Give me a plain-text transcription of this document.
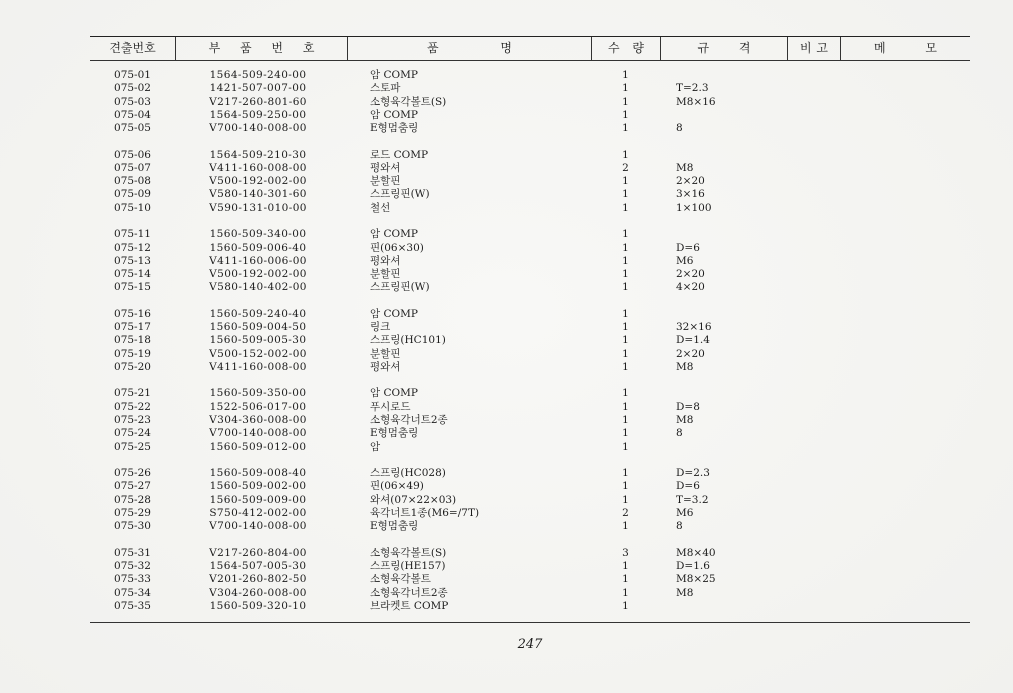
견출번호	부 품 번 호	품 명	수 량	규 격	비 고	메 모
075-01	1564-509-240-00	암 COMP	1
075-02	1421-507-007-00	스토파	1	T=2.3
075-03	V217-260-801-60	소형육각볼트(S)	1	M8×16
075-04	1564-509-250-00	암 COMP	1
075-05	V700-140-008-00	E형멈춤링	1	8
075-06	1564-509-210-30	로드 COMP	1
075-07	V411-160-008-00	평와셔	2	M8
075-08	V500-192-002-00	분할핀	1	2×20
075-09	V580-140-301-60	스프링핀(W)	1	3×16
075-10	V590-131-010-00	철선	1	1×100
075-11	1560-509-340-00	암 COMP	1
075-12	1560-509-006-40	핀(06×30)	1	D=6
075-13	V411-160-006-00	평와셔	1	M6
075-14	V500-192-002-00	분할핀	1	2×20
075-15	V580-140-402-00	스프링핀(W)	1	4×20
075-16	1560-509-240-40	암 COMP	1
075-17	1560-509-004-50	링크	1	32×16
075-18	1560-509-005-30	스프링(HC101)	1	D=1.4
075-19	V500-152-002-00	분할핀	1	2×20
075-20	V411-160-008-00	평와셔	1	M8
075-21	1560-509-350-00	암 COMP	1
075-22	1522-506-017-00	푸시로드	1	D=8
075-23	V304-360-008-00	소형육각너트2종	1	M8
075-24	V700-140-008-00	E형멈춤링	1	8
075-25	1560-509-012-00	암	1
075-26	1560-509-008-40	스프링(HC028)	1	D=2.3
075-27	1560-509-002-00	핀(06×49)	1	D=6
075-28	1560-509-009-00	와셔(07×22×03)	1	T=3.2
075-29	S750-412-002-00	육각너트1종(M6=/7T)	2	M6
075-30	V700-140-008-00	E형멈춤링	1	8
075-31	V217-260-804-00	소형육각볼트(S)	3	M8×40
075-32	1564-507-005-30	스프링(HE157)	1	D=1.6
075-33	V201-260-802-50	소형육각볼트	1	M8×25
075-34	V304-260-008-00	소형육각너트2종	1	M8
075-35	1560-509-320-10	브라켓트 COMP	1
247
